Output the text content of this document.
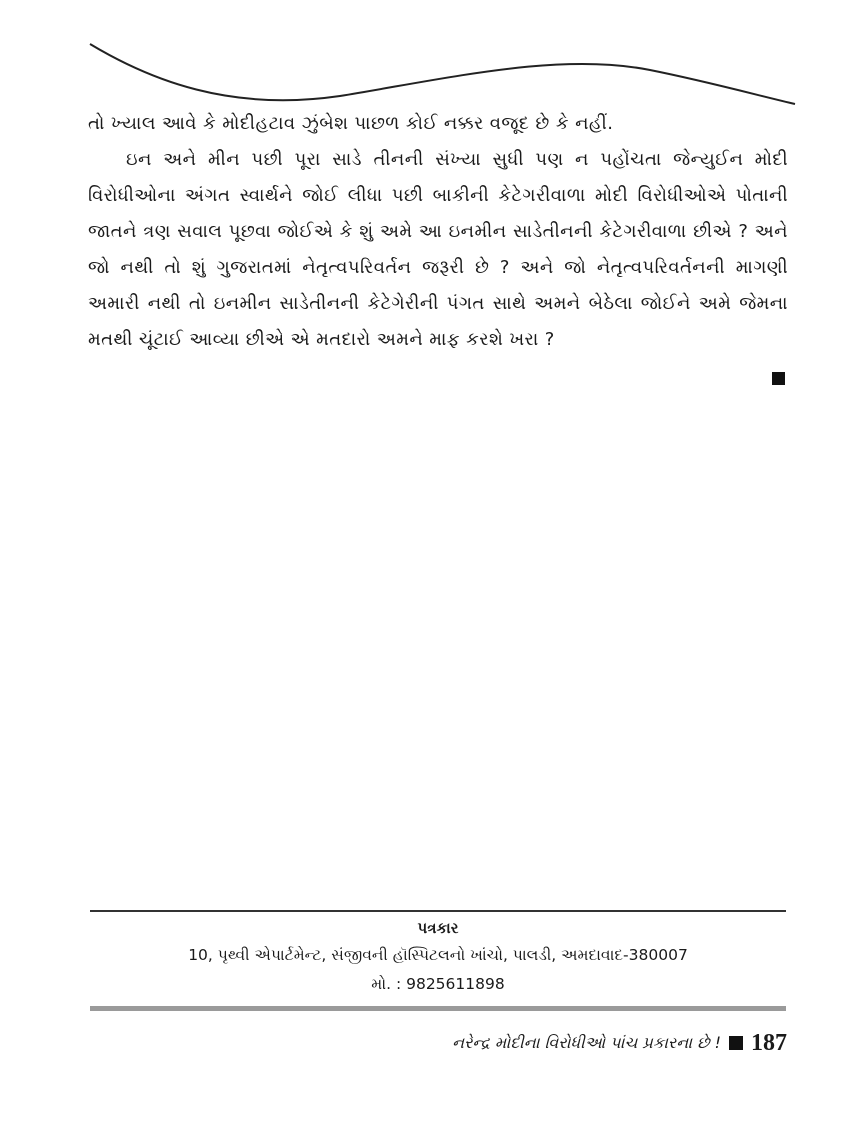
તો ખ્યાલ આવે કે મોદીહટાવ ઝુંબેશ પાછળ કોઈ નક્કર વજૂદ છે કે નહીં.

ઇન અને મીન પછી પૂરા સાડે તીનની સંખ્યા સુધી પણ ન પહોંચતા જેન્યુઈન મોદી વિરોધીઓના અંગત સ્વાર્થને જોઈ લીધા પછી બાકીની કેટેગરીવાળા મોદી વિરોધીઓએ પોતાની જાતને ત્રણ સવાલ પૂછવા જોઈએ કે શું અમે આ ઇનમીન સાડેતીનની કેટેગરીવાળા છીએ ? અને જો નથી તો શું ગુજરાતમાં નેતૃત્વપરિવર્તન જરૂરી છે ? અને જો નેતૃત્વપરિવર્તનની માગણી અમારી નથી તો ઇનમીન સાડેતીનની કેટેગેરીની પંગત સાથે અમને બેઠેલા જોઈને અમે જેમના મતથી ચૂંટાઈ આવ્યા છીએ એ મતદારો અમને માફ કરશે ખરા ?

પત્રકાર
10, પૃથ્વી એપાર્ટમેન્ટ, સંજીવની હૉસ્પિટલનો ખાંચો, પાલડી, અમદાવાદ-380007
મો. : 9825611898
નરેન્દ્ર મોદીના વિરોધીઓ પાંચ પ્રકારના છે ! 187
